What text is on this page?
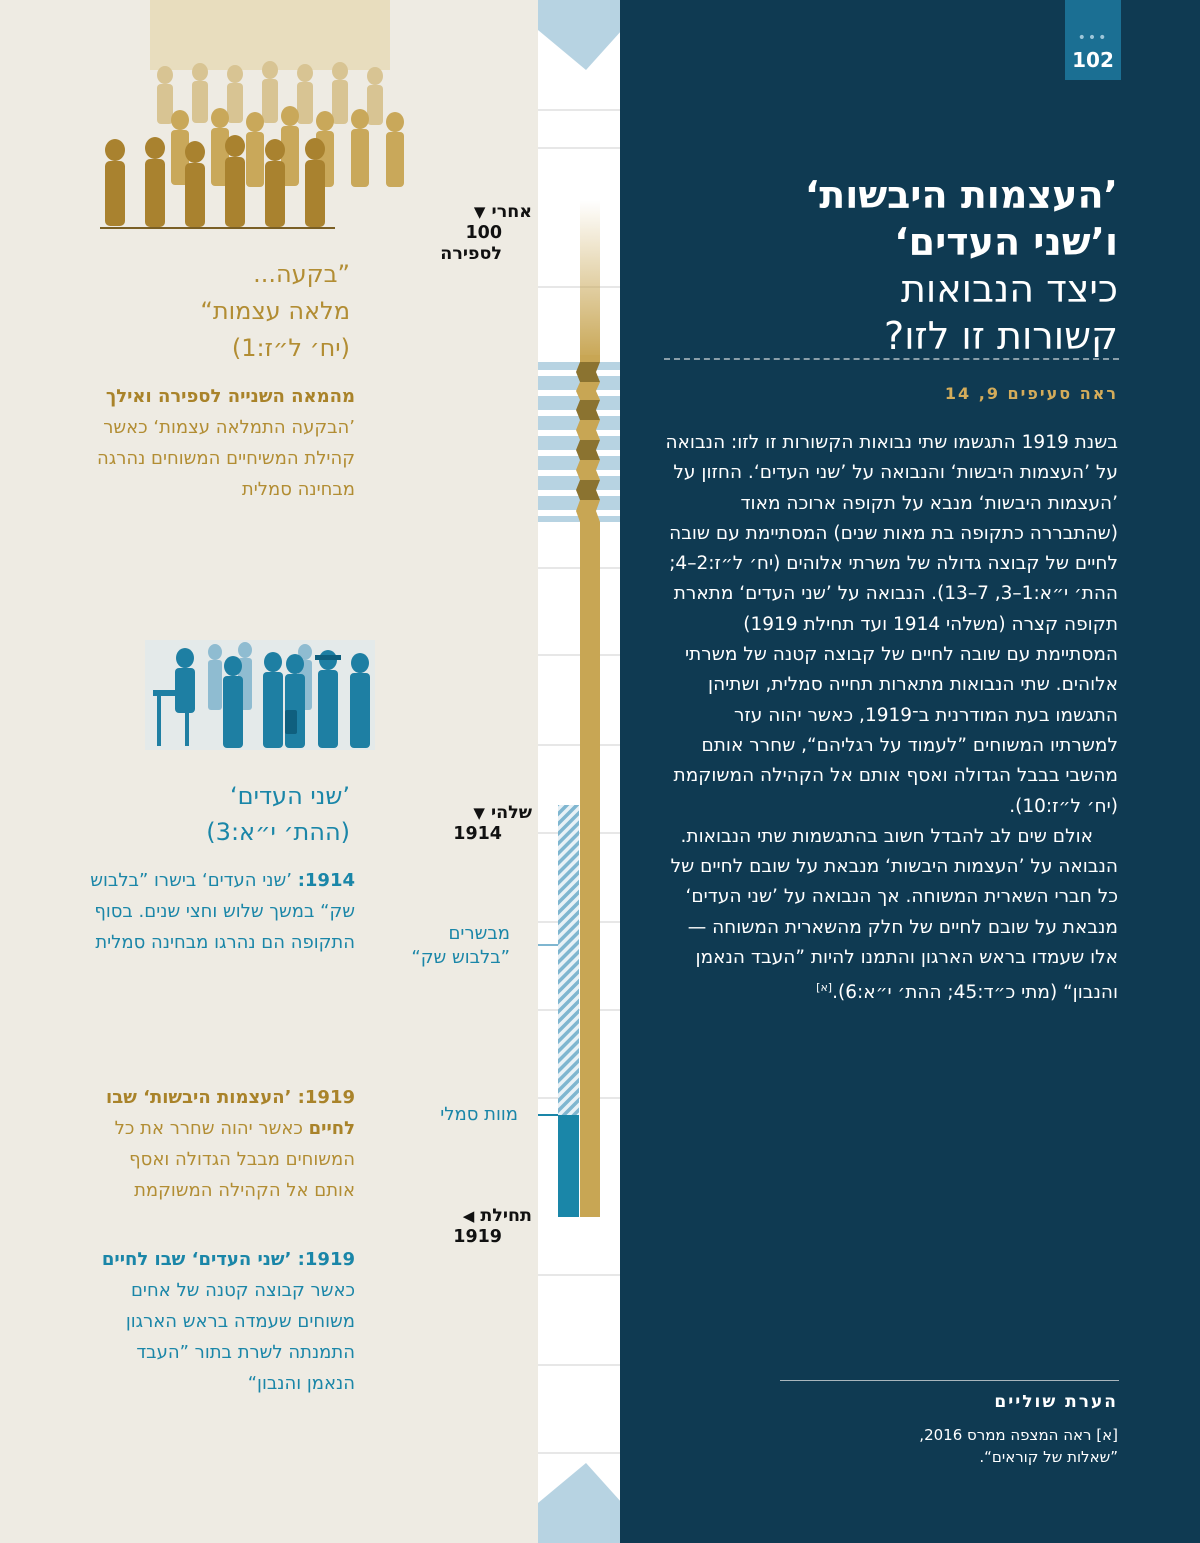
אחרי ▼
100
לספירה
שלהי ▼
1914
תחילת ◀
1919
מבשרים
”בלבוש שק“
מוות סמלי
”בקעה...
מלאה עצמות“
(יח׳ ל״ז:1)
מהמאה השנייה לספירה ואילך ’הבקעה התמלאה עצמות‘ כאשר קהילת המשיחיים המשוחים נהרגה מבחינה סמלית
’שני העדים‘
(ההת׳ י״א:3)
1914: ’שני העדים‘ בישרו ”בלבוש שק“ במשך שלוש וחצי שנים. בסוף התקופה הם נהרגו מבחינה סמלית
1919: ’העצמות היבשות‘ שבו לחיים כאשר יהוה שחרר את כל המשוחים מבבל הגדולה ואסף אותם אל הקהילה המשוקמת
1919: ’שני העדים‘ שבו לחיים כאשר קבוצה קטנה של אחים משוחים שעמדה בראש הארגון התמנתה לשרת בתור ”העבד הנאמן והנבון“
•••
102
’העצמות היבשות‘
ו’שני העדים‘
כיצד הנבואות
קשורות זו לזו?
ראה סעיפים 9, 14

בשנת 1919 התגשמו שתי נבואות הקשורות זו לזו: הנבואה על ’העצמות היבשות‘ והנבואה על ’שני העדים‘. החזון על ’העצמות היבשות‘ מנבא על תקופה ארוכה מאוד (שהתבררה כתקופה בת מאות שנים) המסתיימת עם שובה לחיים של קבוצה גדולה של משרתי אלוהים (יח׳ ל״ז:2–4; ההת׳ י״א:1–3, 7–13). הנבואה על ’שני העדים‘ מתארת תקופה קצרה (משלהי 1914 ועד תחילת 1919) המסתיימת עם שובה לחיים של קבוצה קטנה של משרתי אלוהים. שתי הנבואות מתארות תחייה סמלית, ושתיהן התגשמו בעת המודרנית ב־1919, כאשר יהוה עזר למשרתיו המשוחים ”לעמוד על רגליהם“, שחרר אותם מהשבי בבבל הגדולה ואסף אותם אל הקהילה המשוקמת (יח׳ ל״ז:10).

אולם שים לב להבדל חשוב בהתגשמות שתי הנבואות. הנבואה על ’העצמות היבשות‘ מנבאת על שובם לחיים של כל חברי השארית המשוחה. אך הנבואה על ’שני העדים‘ מנבאת על שובם לחיים של חלק מהשארית המשוחה — אלו שעמדו בראש הארגון והתמנו להיות ”העבד הנאמן והנבון“ (מתי כ״ד:45; ההת׳ י״א:6).[א]

הערת שוליים
[א] ראה המצפה ממרס 2016,
”שאלות של קוראים“.
